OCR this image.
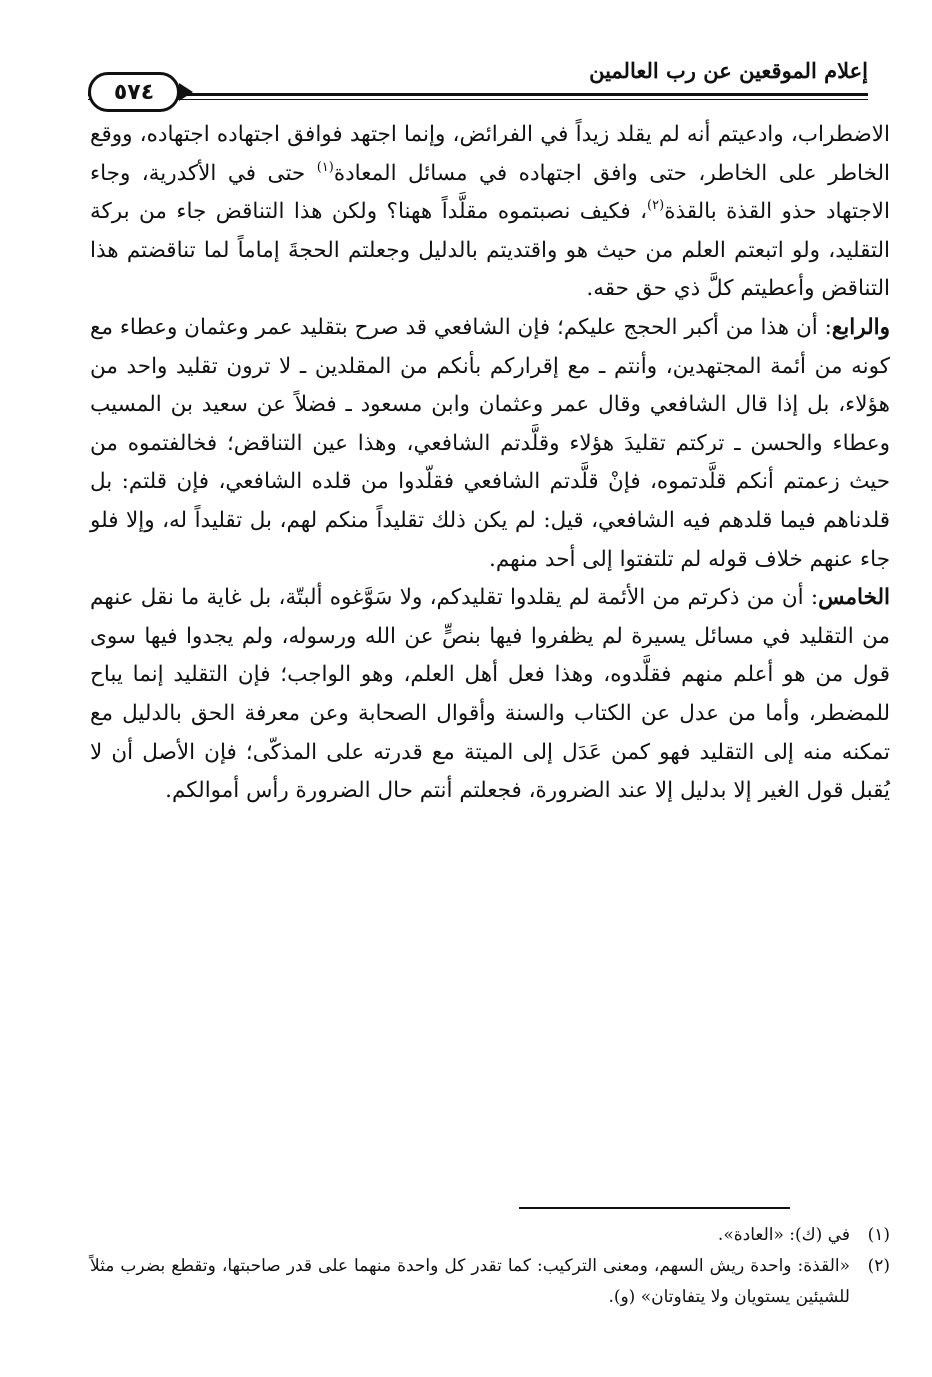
إعلام الموقعين عن رب العالمين
٥٧٤

الاضطراب، وادعيتم أنه لم يقلد زيداً في الفرائض، وإنما اجتهد فوافق اجتهاده اجتهاده، ووقع الخاطر على الخاطر، حتى وافق اجتهاده في مسائل المعادة$^{(١)}$ حتى في الأكدرية، وجاء الاجتهاد حذو القذة بالقذة$^{(٢)}$، فكيف نصبتموه مقلَّداً ههنا؟ ولكن هذا التناقض جاء من بركة التقليد، ولو اتبعتم العلم من حيث هو واقتديتم بالدليل وجعلتم الحجةَ إماماً لما تناقضتم هذا التناقض وأعطيتم كلَّ ذي حق حقه.

والرابع: أن هذا من أكبر الحجج عليكم؛ فإن الشافعي قد صرح بتقليد عمر وعثمان وعطاء مع كونه من أئمة المجتهدين، وأنتم ـ مع إقراركم بأنكم من المقلدين ـ لا ترون تقليد واحد من هؤلاء، بل إذا قال الشافعي وقال عمر وعثمان وابن مسعود ـ فضلاً عن سعيد بن المسيب وعطاء والحسن ـ تركتم تقليدَ هؤلاء وقلَّدتم الشافعي، وهذا عين التناقض؛ فخالفتموه من حيث زعمتم أنكم قلَّدتموه، فإنْ قلَّدتم الشافعي فقلّدوا من قلده الشافعي، فإن قلتم: بل قلدناهم فيما قلدهم فيه الشافعي، قيل: لم يكن ذلك تقليداً منكم لهم، بل تقليداً له، وإلا فلو جاء عنهم خلاف قوله لم تلتفتوا إلى أحد منهم.

الخامس: أن من ذكرتم من الأئمة لم يقلدوا تقليدكم، ولا سَوَّغوه ألبتّة، بل غاية ما نقل عنهم من التقليد في مسائل يسيرة لم يظفروا فيها بنصٍّ عن الله ورسوله، ولم يجدوا فيها سوى قول من هو أعلم منهم فقلَّدوه، وهذا فعل أهل العلم، وهو الواجب؛ فإن التقليد إنما يباح للمضطر، وأما من عدل عن الكتاب والسنة وأقوال الصحابة وعن معرفة الحق بالدليل مع تمكنه منه إلى التقليد فهو كمن عَدَل إلى الميتة مع قدرته على المذكّى؛ فإن الأصل أن لا يُقبل قول الغير إلا بدليل إلا عند الضرورة، فجعلتم أنتم حال الضرورة رأس أموالكم.

(١)
في (ك): «العادة».
(٢)
«القذة: واحدة ريش السهم، ومعنى التركيب: كما تقدر كل واحدة منهما على قدر صاحبتها، وتقطع بضرب مثلاً للشيئين يستويان ولا يتفاوتان» (و).
